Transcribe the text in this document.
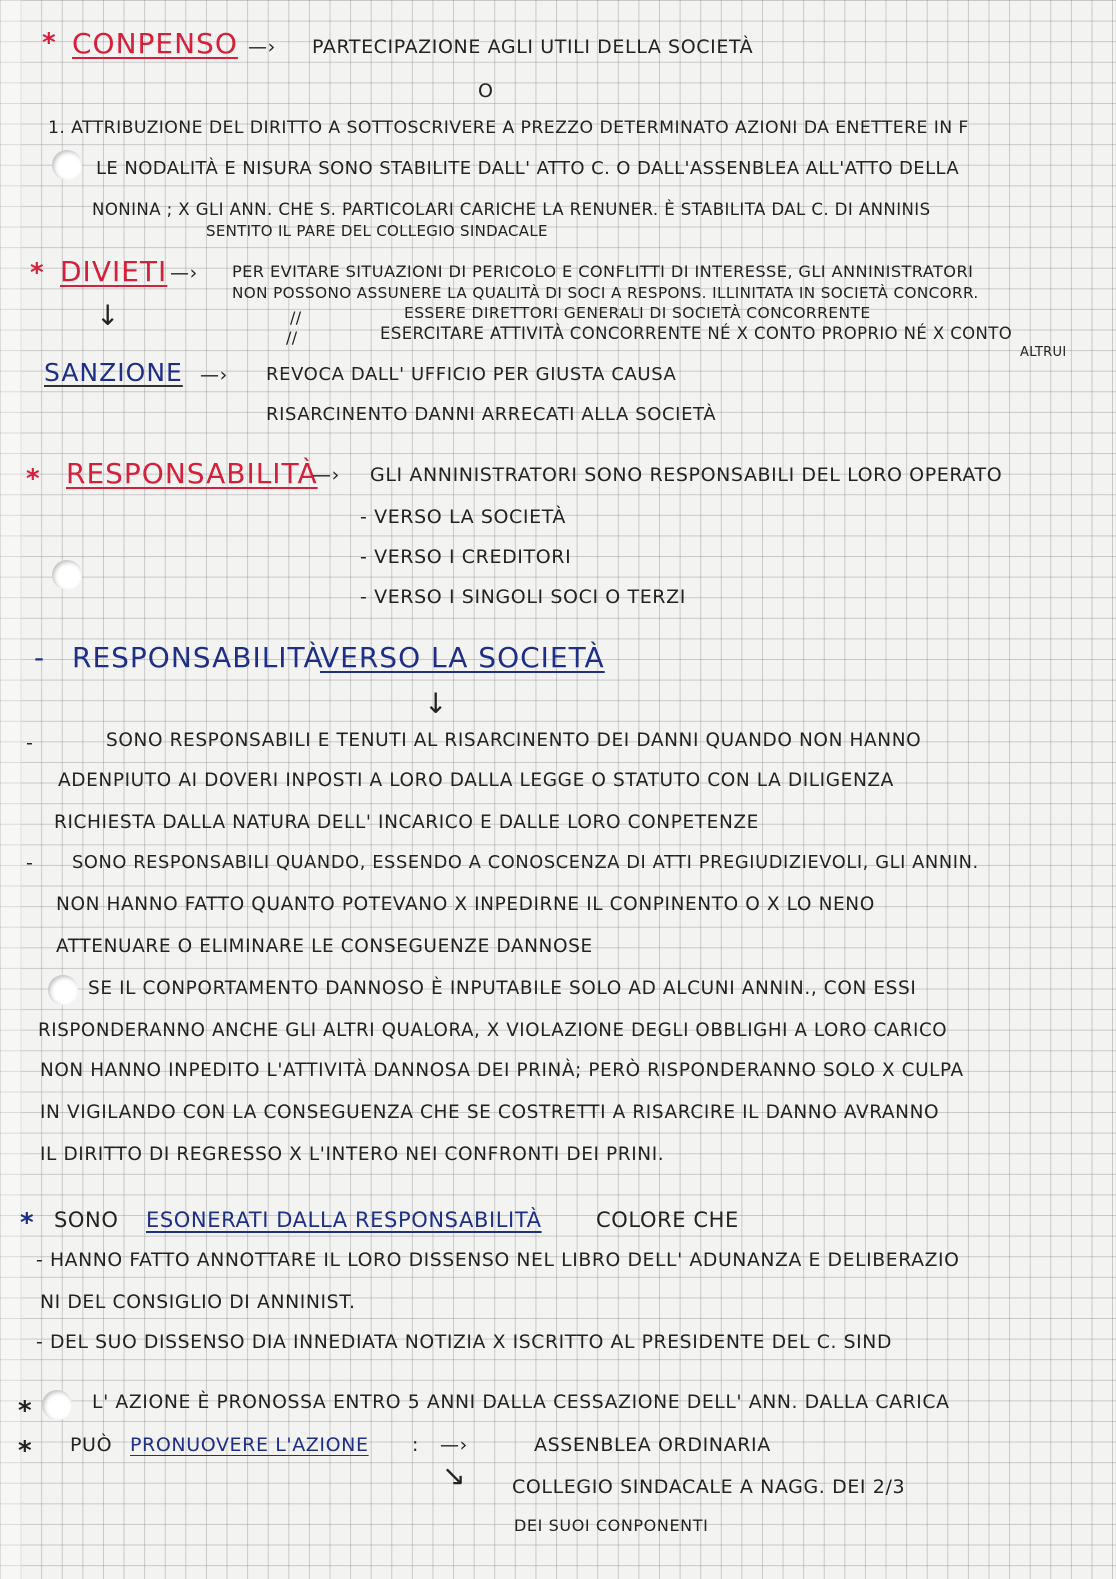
* CONPENSO —› PARTECIPAZIONE AGLI UTILI DELLA SOCIETÀ
O
1. ATTRIBUZIONE DEL DIRITTO A SOTTOSCRIVERE A PREZZO DETERMINATO AZIONI DA ENETTERE IN F
LE NODALITÀ E NISURA SONO STABILITE DALL' ATTO C. O DALL'ASSENBLEA ALL'ATTO DELLA
NONINA ; X GLI ANN. CHE S. PARTICOLARI CARICHE LA RENUNER. È STABILITA DAL C. DI ANNINIS
SENTITO IL PARE DEL COLLEGIO SINDACALE
* DIVIETI —› PER EVITARE SITUAZIONI DI PERICOLO E CONFLITTI DI INTERESSE, GLI ANNINISTRATORI
NON POSSONO ASSUNERE LA QUALITÀ DI SOCI A RESPONS. ILLINITATA IN SOCIETÀ CONCORR.
//	ESSERE DIRETTORI GENERALI DI SOCIETÀ CONCORRENTE
//	ESERCITARE ATTIVITÀ CONCORRENTE NÉ X CONTO PROPRIO NÉ X CONTO
ALTRUI
↓
SANZIONE —› REVOCA DALL' UFFICIO PER GIUSTA CAUSA
RISARCINENTO DANNI ARRECATI ALLA SOCIETÀ
* RESPONSABILITÀ
—› GLI ANNINISTRATORI SONO RESPONSABILI DEL LORO OPERATO
- VERSO LA SOCIETÀ
- VERSO I CREDITORI
- VERSO I SINGOLI SOCI O TERZI
- RESPONSABILITÀ
VERSO LA SOCIETÀ
↓
-	SONO RESPONSABILI E TENUTI AL RISARCINENTO DEI DANNI QUANDO NON HANNO
ADENPIUTO AI DOVERI INPOSTI A LORO DALLA LEGGE O STATUTO CON LA DILIGENZA
RICHIESTA DALLA NATURA DELL' INCARICO E DALLE LORO CONPETENZE
- SONO RESPONSABILI QUANDO, ESSENDO A CONOSCENZA DI ATTI PREGIUDIZIEVOLI, GLI ANNIN.
NON HANNO FATTO QUANTO POTEVANO X INPEDIRNE IL CONPINENTO O X LO NENO
ATTENUARE O ELIMINARE LE CONSEGUENZE DANNOSE
SE IL CONPORTAMENTO DANNOSO È INPUTABILE SOLO AD ALCUNI ANNIN., CON ESSI
RISPONDERANNO ANCHE GLI ALTRI QUALORA, X VIOLAZIONE DEGLI OBBLIGHI A LORO CARICO
NON HANNO INPEDITO L'ATTIVITÀ DANNOSA DEI PRINÀ; PERÒ RISPONDERANNO SOLO X CULPA
IN VIGILANDO CON LA CONSEGUENZA CHE SE COSTRETTI A RISARCIRE IL DANNO AVRANNO
IL DIRITTO DI REGRESSO X L'INTERO NEI CONFRONTI DEI PRINI.
* SONO ESONERATI DALLA RESPONSABILITÀ	COLORE CHE
- HANNO FATTO ANNOTTARE IL LORO DISSENSO NEL LIBRO DELL' ADUNANZA E DELIBERAZIO
NI DEL CONSIGLIO DI ANNINIST.
- DEL SUO DISSENSO DIA INNEDIATA NOTIZIA X ISCRITTO AL PRESIDENTE DEL C. SIND
*	L' AZIONE È PRONOSSA ENTRO 5 ANNI DALLA CESSAZIONE DELL' ANN. DALLA CARICA
* PUÒ PRONUOVERE L'AZIONE : —›	ASSENBLEA ORDINARIA
↘ COLLEGIO SINDACALE A NAGG. DEI 2/3
DEI SUOI CONPONENTI
